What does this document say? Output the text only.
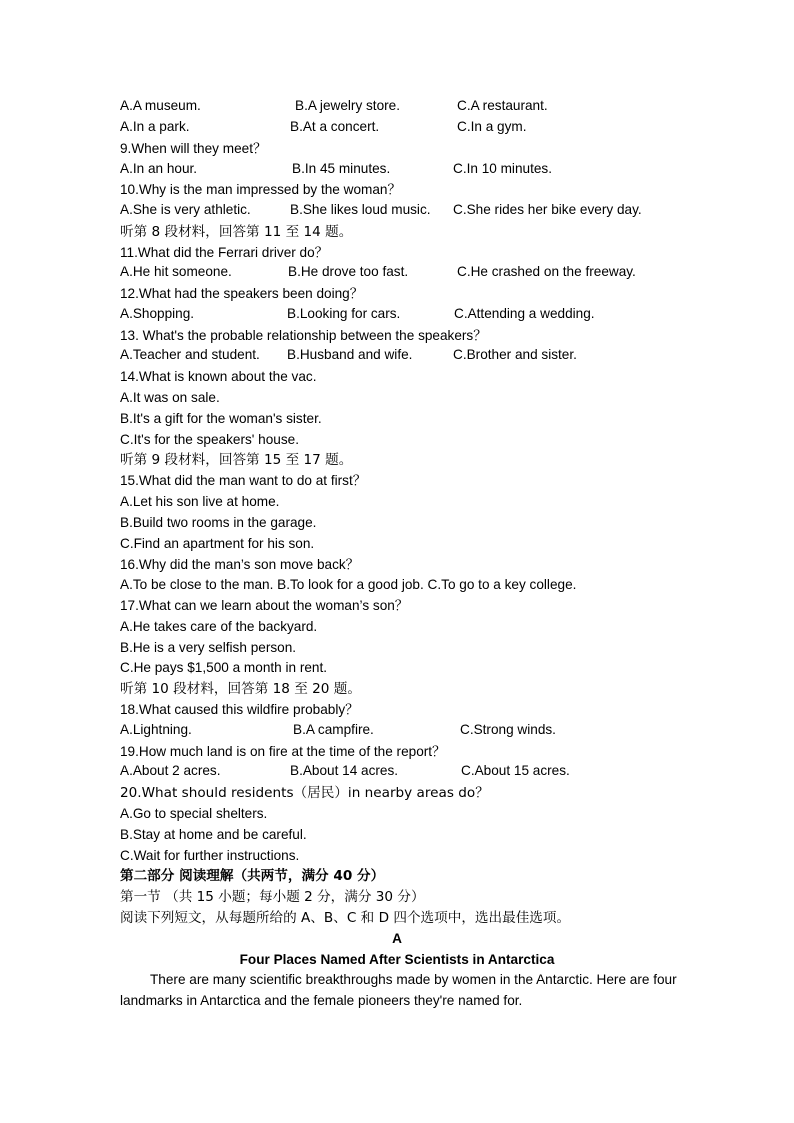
A.A museum.	B.A jewelry store.	C.A restaurant.
A.In a park.	B.At a concert.	C.In a gym.
9.When will they meet？
A.In an hour.	B.In 45 minutes.	C.In 10 minutes.
10.Why is the man impressed by the woman？
A.She is very athletic.	B.She likes loud music. C.She rides her bike every day.
听第 8 段材料，回答第 11 至 14 题。
11.What did the Ferrari driver do？
A.He hit someone.	B.He drove too fast.	C.He crashed on the freeway.
12.What had the speakers been doing？
A.Shopping.	B.Looking for cars.	C.Attending a wedding.
13. What's the probable relationship between the speakers？
A.Teacher and student. B.Husband and wife.	C.Brother and sister.
14.What is known about the vac.
A.It was on sale.
B.It's a gift for the woman's sister.
C.It's for the speakers' house.
听第 9 段材料，回答第 15 至 17 题。
15.What did the man want to do at first？
A.Let his son live at home.
B.Build two rooms in the garage.
C.Find an apartment for his son.
16.Why did the man’s son move back？
A.To be close to the man. B.To look for a good job. C.To go to a key college.
17.What can we learn about the woman’s son？
A.He takes care of the backyard.
B.He is a very selfish person.
C.He pays $1,500 a month in rent.
听第 10 段材料，回答第 18 至 20 题。
18.What caused this wildfire probably？
A.Lightning.	B.A campfire.	C.Strong winds.
19.How much land is on fire at the time of the report？
A.About 2 acres.	B.About 14 acres.	C.About 15 acres.
20.What should residents（居民）in nearby areas do？
A.Go to special shelters.
B.Stay at home and be careful.
C.Wait for further instructions.
第二部分 阅读理解（共两节，满分 40 分）
第一节 （共 15 小题；每小题 2 分，满分 30 分）
阅读下列短文，从每题所给的 A、B、C 和 D 四个选项中，选出最佳选项。
A
Four Places Named After Scientists in Antarctica
There are many scientific breakthroughs made by women in the Antarctic. Here are four landmarks in Antarctica and the female pioneers they're named for.
